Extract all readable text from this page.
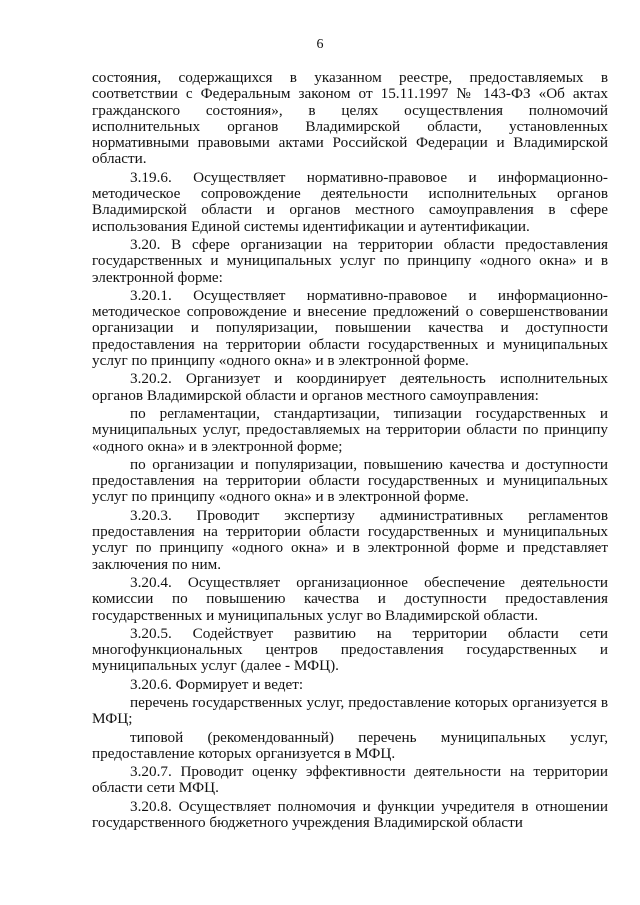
6

состояния, содержащихся в указанном реестре, предоставляемых в соответствии с Федеральным законом от 15.11.1997 № 143-ФЗ «Об актах гражданского состояния», в целях осуществления полномочий исполнительных органов Владимирской области, установленных нормативными правовыми актами Российской Федерации и Владимирской области.

3.19.6. Осуществляет нормативно-правовое и информационно-методическое сопровождение деятельности исполнительных органов Владимирской области и органов местного самоуправления в сфере использования Единой системы идентификации и аутентификации.

3.20. В сфере организации на территории области предоставления государственных и муниципальных услуг по принципу «одного окна» и в электронной форме:

3.20.1. Осуществляет нормативно-правовое и информационно-методическое сопровождение и внесение предложений о совершенствовании организации и популяризации, повышении качества и доступности предоставления на территории области государственных и муниципальных услуг по принципу «одного окна» и в электронной форме.

3.20.2. Организует и координирует деятельность исполнительных органов Владимирской области и органов местного самоуправления:

по регламентации, стандартизации, типизации государственных и муниципальных услуг, предоставляемых на территории области по принципу «одного окна» и в электронной форме;

по организации и популяризации, повышению качества и доступности предоставления на территории области государственных и муниципальных услуг по принципу «одного окна» и в электронной форме.

3.20.3. Проводит экспертизу административных регламентов предоставления на территории области государственных и муниципальных услуг по принципу «одного окна» и в электронной форме и представляет заключения по ним.

3.20.4. Осуществляет организационное обеспечение деятельности комиссии по повышению качества и доступности предоставления государственных и муниципальных услуг во Владимирской области.

3.20.5. Содействует развитию на территории области сети многофункциональных центров предоставления государственных и муниципальных услуг (далее - МФЦ).

3.20.6. Формирует и ведет:

перечень государственных услуг, предоставление которых организуется в МФЦ;

типовой (рекомендованный) перечень муниципальных услуг, предоставление которых организуется в МФЦ.

3.20.7. Проводит оценку эффективности деятельности на территории области сети МФЦ.

3.20.8. Осуществляет полномочия и функции учредителя в отношении государственного бюджетного учреждения Владимирской области
